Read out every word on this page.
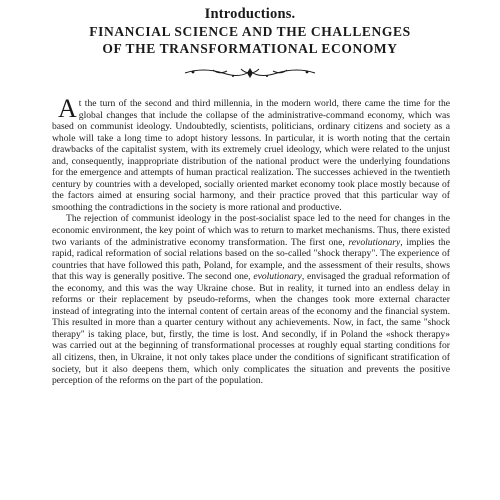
Introductions.
FINANCIAL SCIENCE AND THE CHALLENGES
OF THE TRANSFORMATIONAL ECONOMY

At the turn of the second and third millennia, in the modern world, there came the time for the global changes that include the collapse of the administrative-command economy, which was based on communist ideology. Undoubtedly, scientists, politicians, ordinary citizens and society as a whole will take a long time to adopt history lessons. In particular, it is worth noting that the certain drawbacks of the capitalist system, with its extremely cruel ideology, which were related to the unjust and, consequently, inappropriate distribution of the national product were the underlying foundations for the emergence and attempts of human practical realization. The successes achieved in the twentieth century by countries with a developed, socially oriented market economy took place mostly because of the factors aimed at ensuring social harmony, and their practice proved that this particular way of smoothing the contradictions in the society is more rational and productive.

The rejection of communist ideology in the post-socialist space led to the need for changes in the economic environment, the key point of which was to return to market mechanisms. Thus, there existed two variants of the administrative economy transformation. The first one, revolutionary, implies the rapid, radical reformation of social relations based on the so-called "shock therapy". The experience of countries that have followed this path, Poland, for example, and the assessment of their results, shows that this way is generally positive. The second one, evolutionary, envisaged the gradual reformation of the economy, and this was the way Ukraine chose. But in reality, it turned into an endless delay in reforms or their replacement by pseudo-reforms, when the changes took more external character instead of integrating into the internal content of certain areas of the economy and the financial system. This resulted in more than a quarter century without any achievements. Now, in fact, the same "shock therapy" is taking place, but, firstly, the time is lost. And secondly, if in Poland the «shock therapy» was carried out at the beginning of transformational processes at roughly equal starting conditions for all citizens, then, in Ukraine, it not only takes place under the conditions of significant stratification of society, but it also deepens them, which only complicates the situation and prevents the positive perception of the reforms on the part of the population.
